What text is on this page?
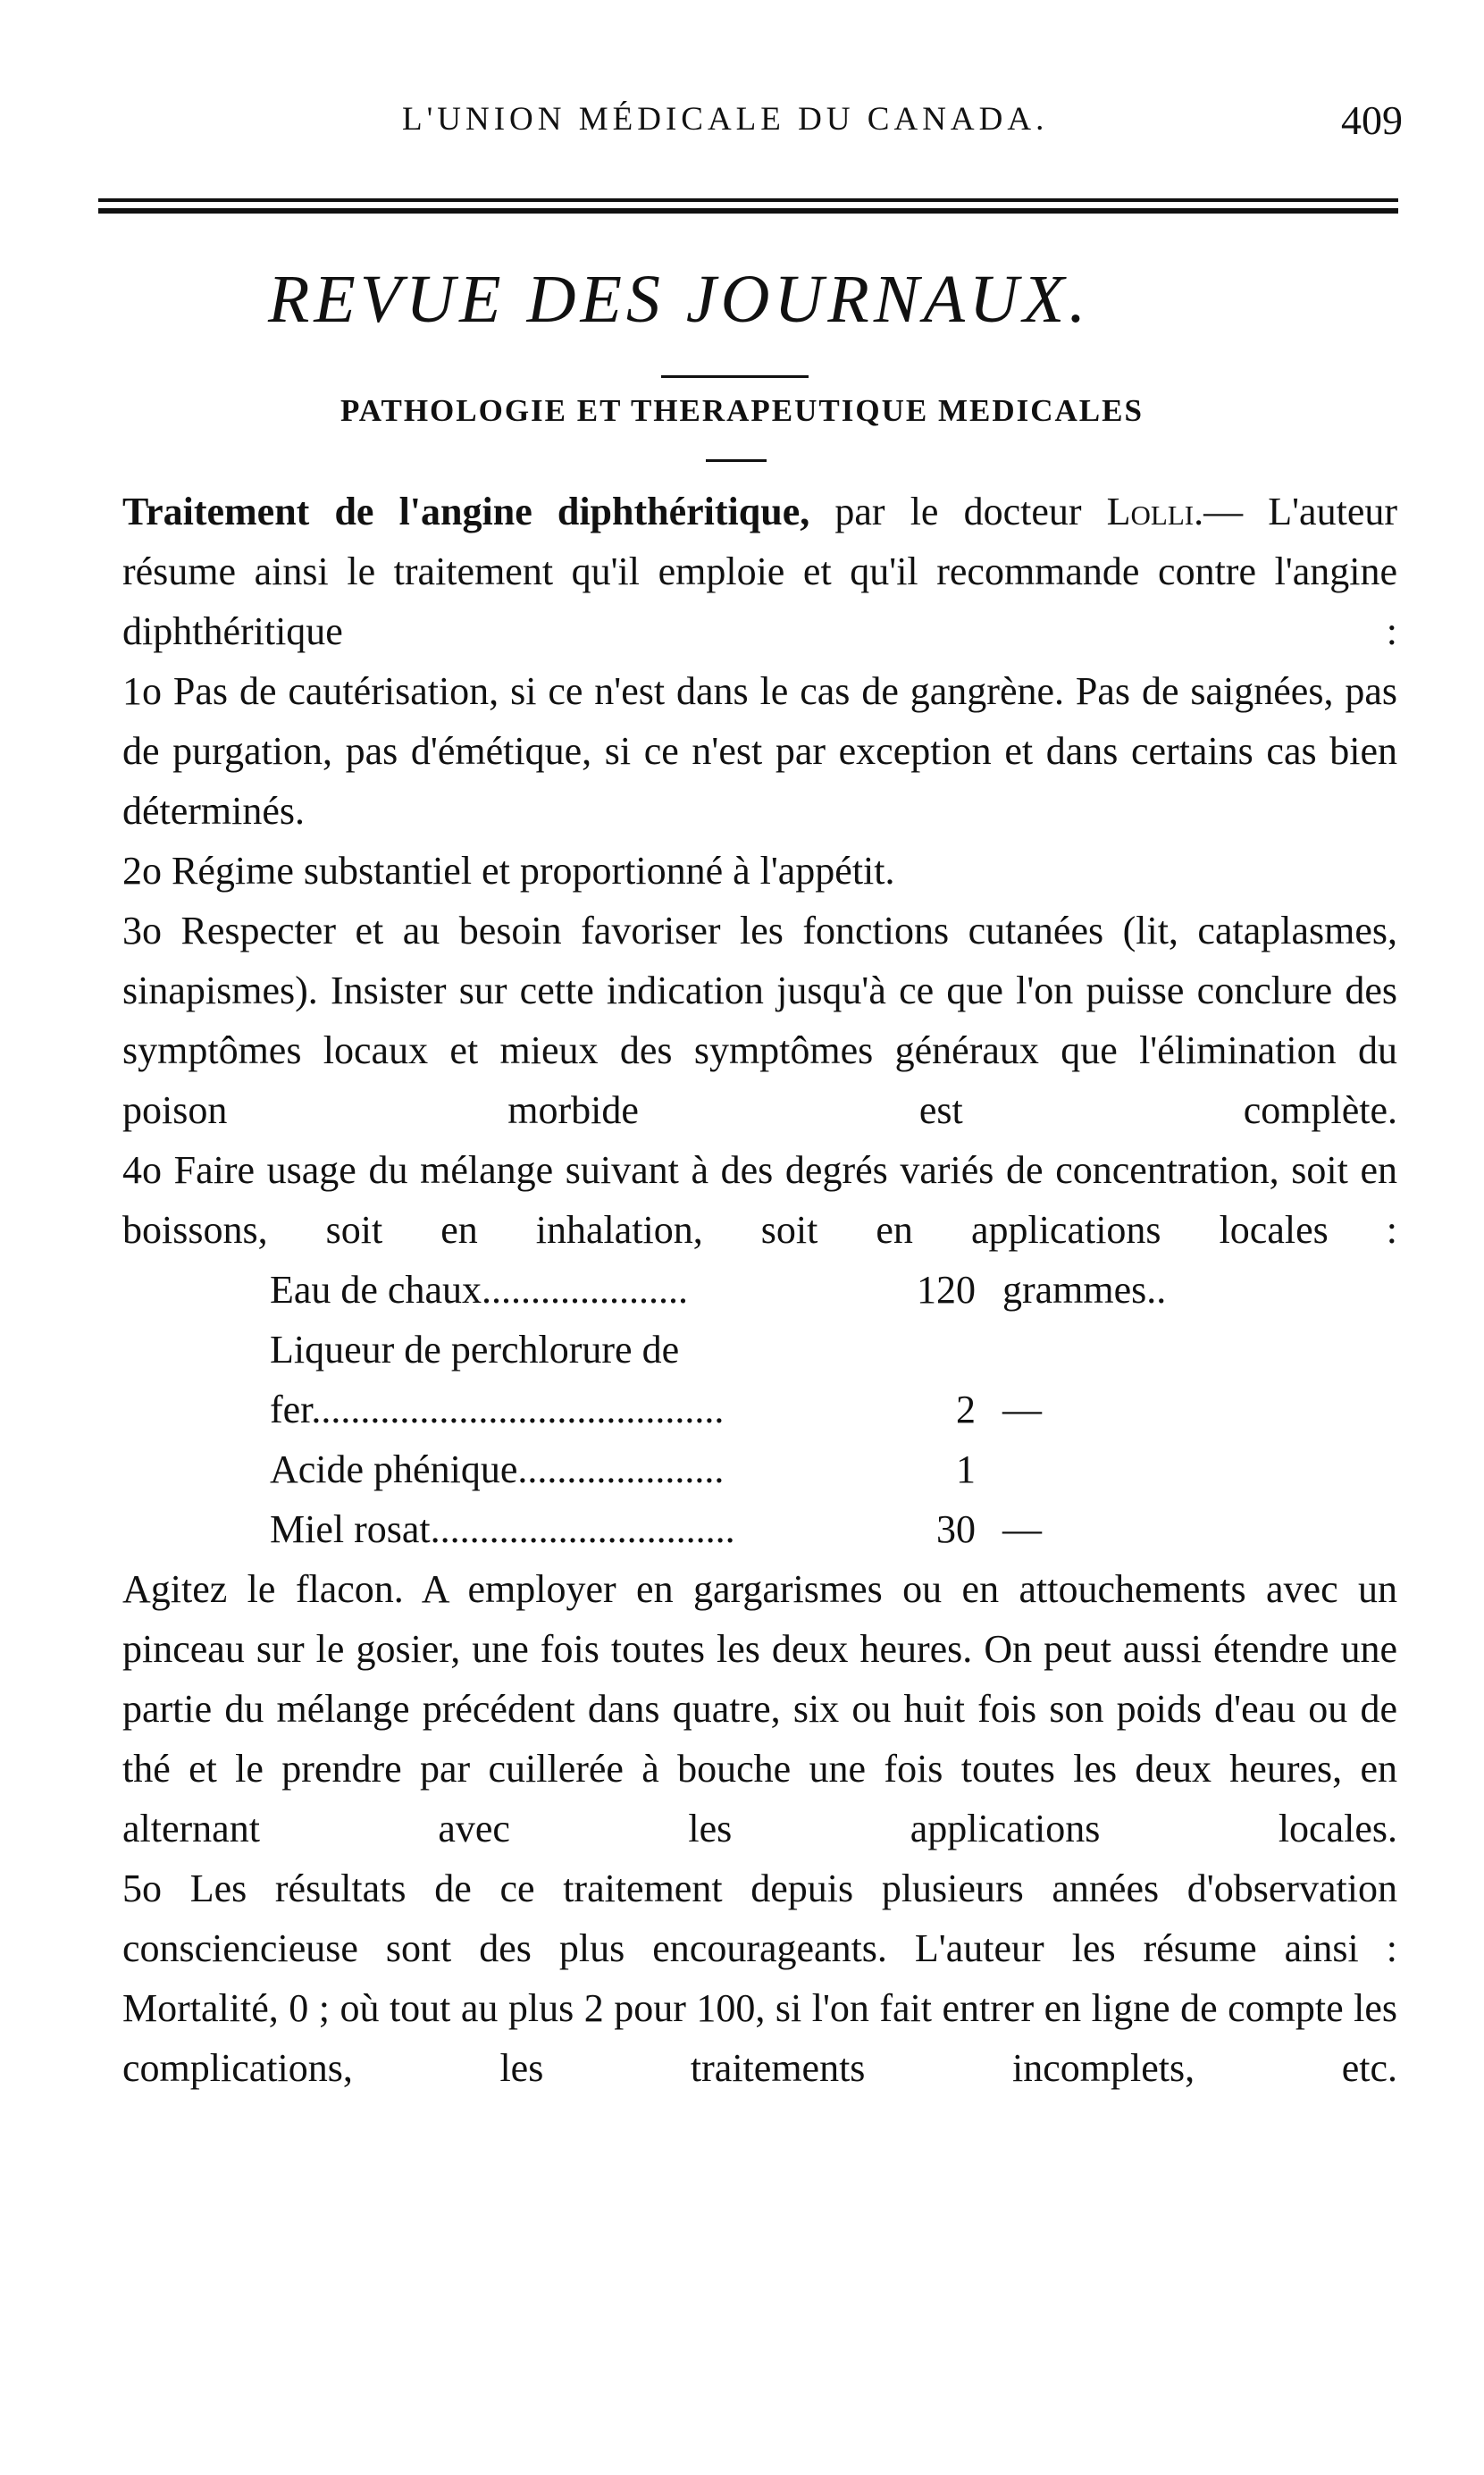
L'UNION MÉDICALE DU CANADA.	409
REVUE DES JOURNAUX.
PATHOLOGIE ET THERAPEUTIQUE MEDICALES

Traitement de l'angine diphthéritique, par le docteur Lolli.— L'auteur résume ainsi le traitement qu'il emploie et qu'il recommande contre l'angine diphthéritique :

1o Pas de cautérisation, si ce n'est dans le cas de gangrène. Pas de saignées, pas de purgation, pas d'émétique, si ce n'est par exception et dans certains cas bien déterminés.

2o Régime substantiel et proportionné à l'appétit.

3o Respecter et au besoin favoriser les fonctions cutanées (lit, cataplasmes, sinapismes). Insister sur cette indication jusqu'à ce que l'on puisse conclure des symptômes locaux et mieux des symptômes généraux que l'élimination du poison morbide est complète.

4o Faire usage du mélange suivant à des degrés variés de concentration, soit en boissons, soit en inhalation, soit en applications locales :

Eau de chaux.....................	120	grammes..
Liqueur de perchlorure de		
fer..........................................	2	—
Acide phénique.....................	1	
Miel rosat...............................	30	—

Agitez le flacon. A employer en gargarismes ou en attouchements avec un pinceau sur le gosier, une fois toutes les deux heures. On peut aussi étendre une partie du mélange précédent dans quatre, six ou huit fois son poids d'eau ou de thé et le prendre par cuillerée à bouche une fois toutes les deux heures, en alternant avec les applications locales.

5o Les résultats de ce traitement depuis plusieurs années d'observation consciencieuse sont des plus encourageants. L'auteur les résume ainsi :

Mortalité, 0 ; où tout au plus 2 pour 100, si l'on fait entrer en ligne de compte les complications, les traitements incomplets, etc.
